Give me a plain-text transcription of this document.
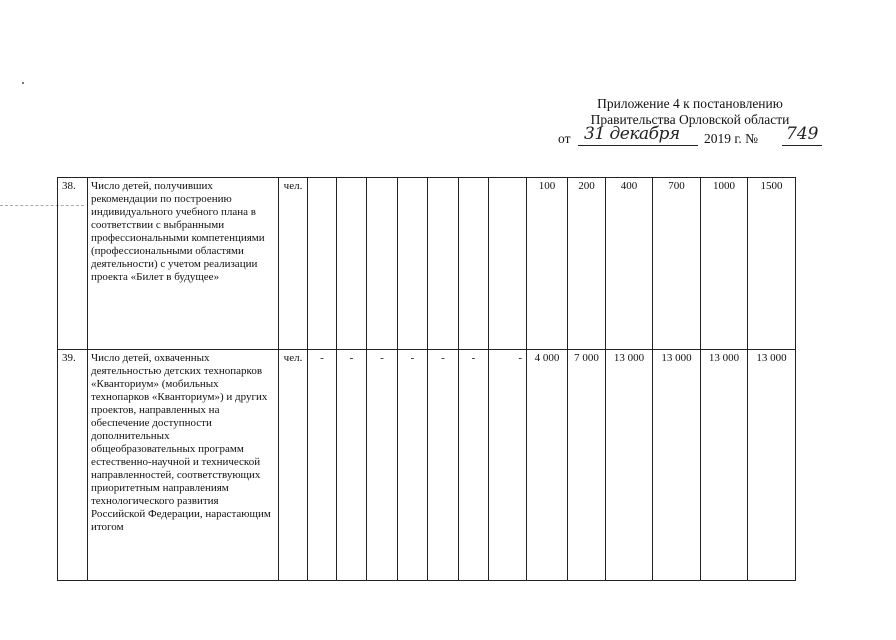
Приложение 4 к постановлению
Правительства Орловской области
от 31 декабря 2019 г. № 749
38.	Число детей, получивших рекомендации по построению индивидуального учебного плана в соответствии с выбранными профессиональными компетенциями (профессиональными областями деятельности) с учетом реализации проекта «Билет в будущее»	чел.								100	200	400	700	1000	1500
39.	Число детей, охваченных деятельностью детских технопарков «Кванториум» (мобильных технопарков «Кванториум») и других проектов, направленных на обеспечение доступности дополнительных общеобразовательных программ естественно-научной и технической направленностей, соответствующих приоритетным направлениям технологического развития Российской Федерации, нарастающим итогом	чел.	-	-	-	-	-	-	-	4 000	7 000	13 000	13 000	13 000	13 000
